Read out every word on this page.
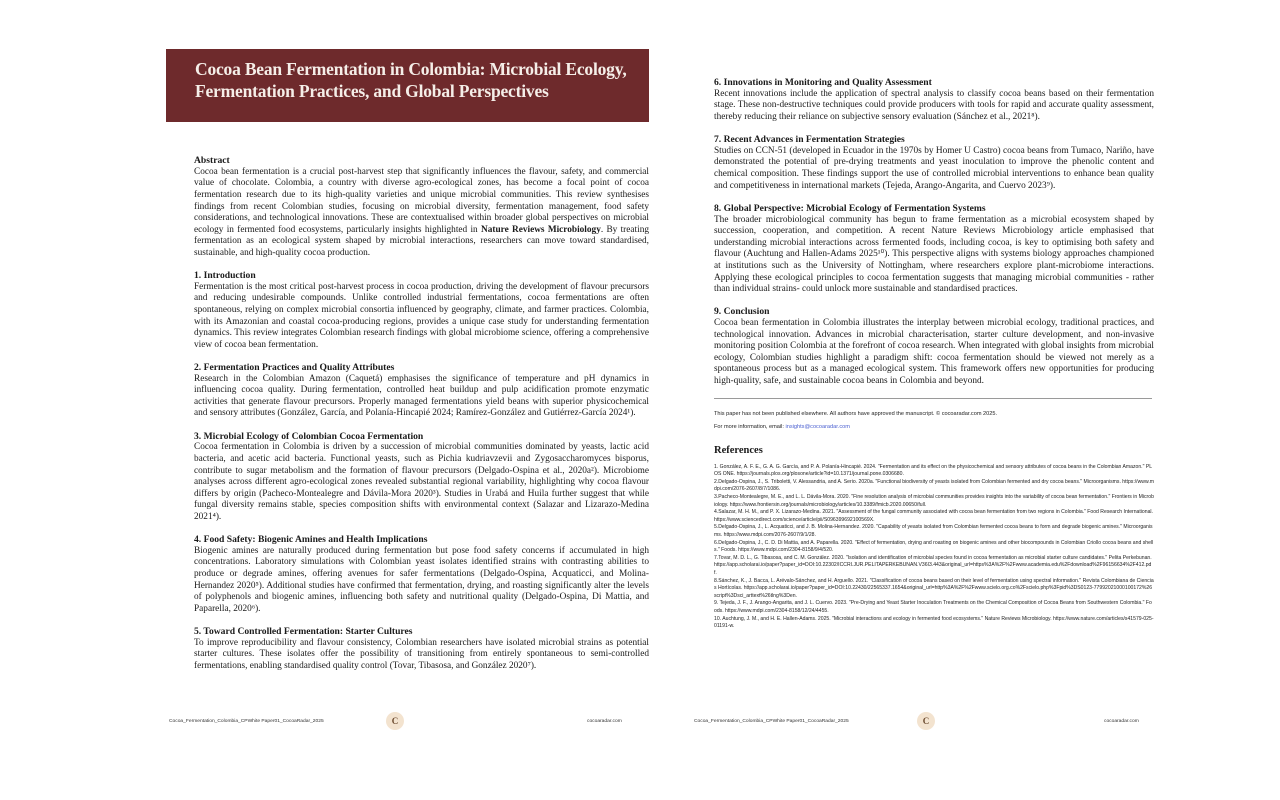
Cocoa Bean Fermentation in Colombia: Microbial Ecology, Fermentation Practices, and Global Perspectives
Abstract

Cocoa bean fermentation is a crucial post-harvest step that significantly influences the flavour, safety, and commercial value of chocolate. Colombia, a country with diverse agro-ecological zones, has become a focal point of cocoa fermentation research due to its high-quality varieties and unique microbial communities. This review synthesises findings from recent Colombian studies, focusing on microbial diversity, fermentation management, food safety considerations, and technological innovations. These are contextualised within broader global perspectives on microbial ecology in fermented food ecosystems, particularly insights highlighted in Nature Reviews Microbiology. By treating fermentation as an ecological system shaped by microbial interactions, researchers can move toward standardised, sustainable, and high-quality cocoa production.

1. Introduction

Fermentation is the most critical post-harvest process in cocoa production, driving the development of flavour precursors and reducing undesirable compounds. Unlike controlled industrial fermentations, cocoa fermentations are often spontaneous, relying on complex microbial consortia influenced by geography, climate, and farmer practices. Colombia, with its Amazonian and coastal cocoa-producing regions, provides a unique case study for understanding fermentation dynamics. This review integrates Colombian research findings with global microbiome science, offering a comprehensive view of cocoa bean fermentation.

2. Fermentation Practices and Quality Attributes

Research in the Colombian Amazon (Caquetá) emphasises the significance of temperature and pH dynamics in influencing cocoa quality. During fermentation, controlled heat buildup and pulp acidification promote enzymatic activities that generate flavour precursors. Properly managed fermentations yield beans with superior physicochemical and sensory attributes (González, García, and Polanía-Hincapié 2024; Ramírez-González and Gutiérrez-García 2024¹).

3. Microbial Ecology of Colombian Cocoa Fermentation

Cocoa fermentation in Colombia is driven by a succession of microbial communities dominated by yeasts, lactic acid bacteria, and acetic acid bacteria. Functional yeasts, such as Pichia kudriavzevii and Zygosaccharomyces bisporus, contribute to sugar metabolism and the formation of flavour precursors (Delgado-Ospina et al., 2020a²). Microbiome analyses across different agro-ecological zones revealed substantial regional variability, highlighting why cocoa flavour differs by origin (Pacheco-Montealegre and Dávila-Mora 2020³). Studies in Urabá and Huila further suggest that while fungal diversity remains stable, species composition shifts with environmental context (Salazar and Lizarazo-Medina 2021⁴).

4. Food Safety: Biogenic Amines and Health Implications

Biogenic amines are naturally produced during fermentation but pose food safety concerns if accumulated in high concentrations. Laboratory simulations with Colombian yeast isolates identified strains with contrasting abilities to produce or degrade amines, offering avenues for safer fermentations (Delgado-Ospina, Acquaticci, and Molina-Hernandez 2020⁵). Additional studies have confirmed that fermentation, drying, and roasting significantly alter the levels of polyphenols and biogenic amines, influencing both safety and nutritional quality (Delgado-Ospina, Di Mattia, and Paparella, 2020⁶).

5. Toward Controlled Fermentation: Starter Cultures

To improve reproducibility and flavour consistency, Colombian researchers have isolated microbial strains as potential starter cultures. These isolates offer the possibility of transitioning from entirely spontaneous to semi-controlled fermentations, enabling standardised quality control (Tovar, Tibasosa, and González 2020⁷).

Cocoa_Fermentation_Colombia_CPWhite Paper01_CocoaRadar_2025	C	cocoaradar.com
6. Innovations in Monitoring and Quality Assessment

Recent innovations include the application of spectral analysis to classify cocoa beans based on their fermentation stage. These non-destructive techniques could provide producers with tools for rapid and accurate quality assessment, thereby reducing their reliance on subjective sensory evaluation (Sánchez et al., 2021⁸).

7. Recent Advances in Fermentation Strategies

Studies on CCN-51 (developed in Ecuador in the 1970s by Homer U Castro) cocoa beans from Tumaco, Nariño, have demonstrated the potential of pre-drying treatments and yeast inoculation to improve the phenolic content and chemical composition. These findings support the use of controlled microbial interventions to enhance bean quality and competitiveness in international markets (Tejeda, Arango-Angarita, and Cuervo 2023⁹).

8. Global Perspective: Microbial Ecology of Fermentation Systems

The broader microbiological community has begun to frame fermentation as a microbial ecosystem shaped by succession, cooperation, and competition. A recent Nature Reviews Microbiology article emphasised that understanding microbial interactions across fermented foods, including cocoa, is key to optimising both safety and flavour (Auchtung and Hallen-Adams 2025¹⁰). This perspective aligns with systems biology approaches championed at institutions such as the University of Nottingham, where researchers explore plant-microbiome interactions. Applying these ecological principles to cocoa fermentation suggests that managing microbial communities - rather than individual strains- could unlock more sustainable and standardised practices.

9. Conclusion

Cocoa bean fermentation in Colombia illustrates the interplay between microbial ecology, traditional practices, and technological innovation. Advances in microbial characterisation, starter culture development, and non-invasive monitoring position Colombia at the forefront of cocoa research. When integrated with global insights from microbial ecology, Colombian studies highlight a paradigm shift: cocoa fermentation should be viewed not merely as a spontaneous process but as a managed ecological system. This framework offers new opportunities for producing high-quality, safe, and sustainable cocoa beans in Colombia and beyond.

This paper has not been published elsewhere. All authors have approved the manuscript. © cocoaradar.com 2025.
For more information, email: insights@cocoaradar.com
References

1. González, A. F. E., G. A. G. García, and P. A. Polanía-Hincapié. 2024. "Fermentation and its effect on the physicochemical and sensory attributes of cocoa beans in the Colombian Amazon." PLOS ONE. https://journals.plos.org/plosone/article?id=10.1371/journal.pone.0306680.

2.Delgado-Ospina, J., S. Triboletti, V. Alessandria, and A. Serio. 2020a. "Functional biodiversity of yeasts isolated from Colombian fermented and dry cocoa beans." Microorganisms. https://www.mdpi.com/2076-2607/8/7/1086.

3.Pacheco-Montealegre, M. E., and L. L. Dávila-Mora. 2020. "Fine resolution analysis of microbial communities provides insights into the variability of cocoa bean fermentation." Frontiers in Microbiology. https://www.frontiersin.org/journals/microbiology/articles/10.3389/fmicb.2020.00650/full.

4.Salazar, M. H. M., and P. X. Lizarazo-Medina. 2021. "Assessment of the fungal community associated with cocoa bean fermentation from two regions in Colombia." Food Research International. https://www.sciencedirect.com/science/article/pii/S096399692100569X.

5.Delgado-Ospina, J., L. Acquaticci, and J. B. Molina-Hernandez. 2020. "Capability of yeasts isolated from Colombian fermented cocoa beans to form and degrade biogenic amines." Microorganisms. https://www.mdpi.com/2076-2607/9/1/28.

6.Delgado-Ospina, J., C. D. Di Mattia, and A. Paparella. 2020. "Effect of fermentation, drying and roasting on biogenic amines and other biocompounds in Colombian Criollo cocoa beans and shells." Foods. https://www.mdpi.com/2304-8158/9/4/520.

7.Tovar, M. D. L., G. Tibasosa, and C. M. González. 2020. "Isolation and identification of microbial species found in cocoa fermentation as microbial starter culture candidates." Pelita Perkebunan. https://app.scholarai.io/paper?paper_id=DOI:10.22302/ICCRI.JUR.PELITAPERKEBUNAN.V36I3.443&original_url=https%3A%2F%2Fwww.academia.edu%2Fdownload%2F96156634%2F412.pdf.

8.Sánchez, K., J. Bacca, L. Arévalo-Sánchez, and H. Arguello. 2021. "Classification of cocoa beans based on their level of fermentation using spectral information." Revista Colombiana de Ciencias Hortícolas. https://app.scholarai.io/paper?paper_id=DOI:10.22430/22565337.1654&original_url=http%3A%2F%2Fwww.scielo.org.co%2Fscielo.php%3Fpid%3DS0123-77992021000100172%26script%3Dsci_arttext%26tlng%3Den.

9. Tejeda, J. F., J. Arango-Angarita, and J. L. Cuervo. 2023. "Pre-Drying and Yeast Starter Inoculation Treatments on the Chemical Composition of Cocoa Beans from Southwestern Colombia." Foods. https://www.mdpi.com/2304-8158/12/24/4455.

10. Auchtung, J. M., and H. E. Hallen-Adams. 2025. "Microbial interactions and ecology in fermented food ecosystems." Nature Reviews Microbiology. https://www.nature.com/articles/s41579-025-01191-w.

Cocoa_Fermentation_Colombia_CPWhite Paper01_CocoaRadar_2025	C	cocoaradar.com
